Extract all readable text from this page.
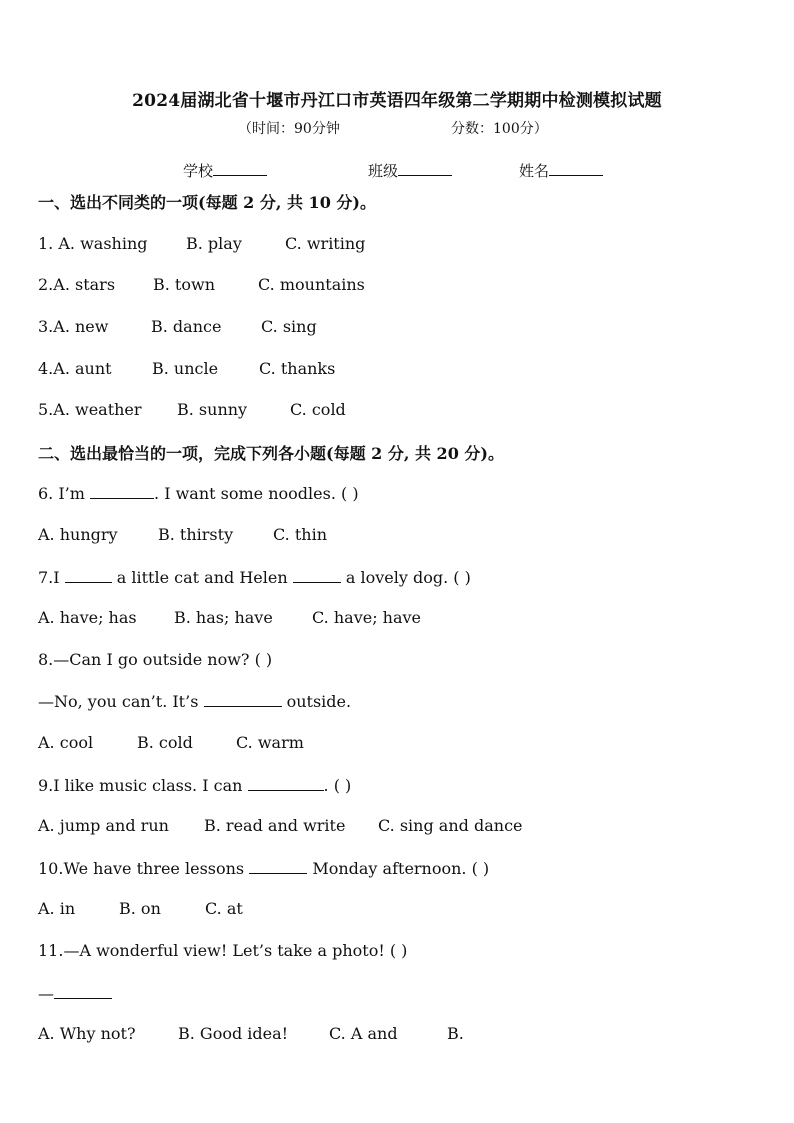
2024届湖北省十堰市丹江口市英语四年级第二学期期中检测模拟试题
（时间：90分钟	分数：100分）
学校	班级	姓名
一、选出不同类的一项(每题 2 分, 共 10 分)。
1. A. washing B. play	C. writing
2.A. stars B. town	C. mountains
3.A. new	B. dance C. sing
4.A. aunt	B. uncle	C. thanks
5.A. weather B. sunny	C. cold
二、选出最恰当的一项，完成下列各小题(每题 2 分, 共 20 分)。
6. I’m	. I want some noodles. ( )
A. hungry	B. thirsty C. thin
7.I	a little cat and Helen	a lovely dog. ( )
A. have; has B. has; have C. have; have
8.—Can I go outside now? ( )
—No, you can’t. It’s	outside.
A. cool	B. cold	C. warm
9.I like music class. I can	. ( )
A. jump and run B. read and write C. sing and dance
10.We have three lessons	Monday afternoon. ( )
A. in	B. on	C. at
11.—A wonderful view! Let’s take a photo! ( )
—
A. Why not?	B. Good idea!	C. A and	B.
